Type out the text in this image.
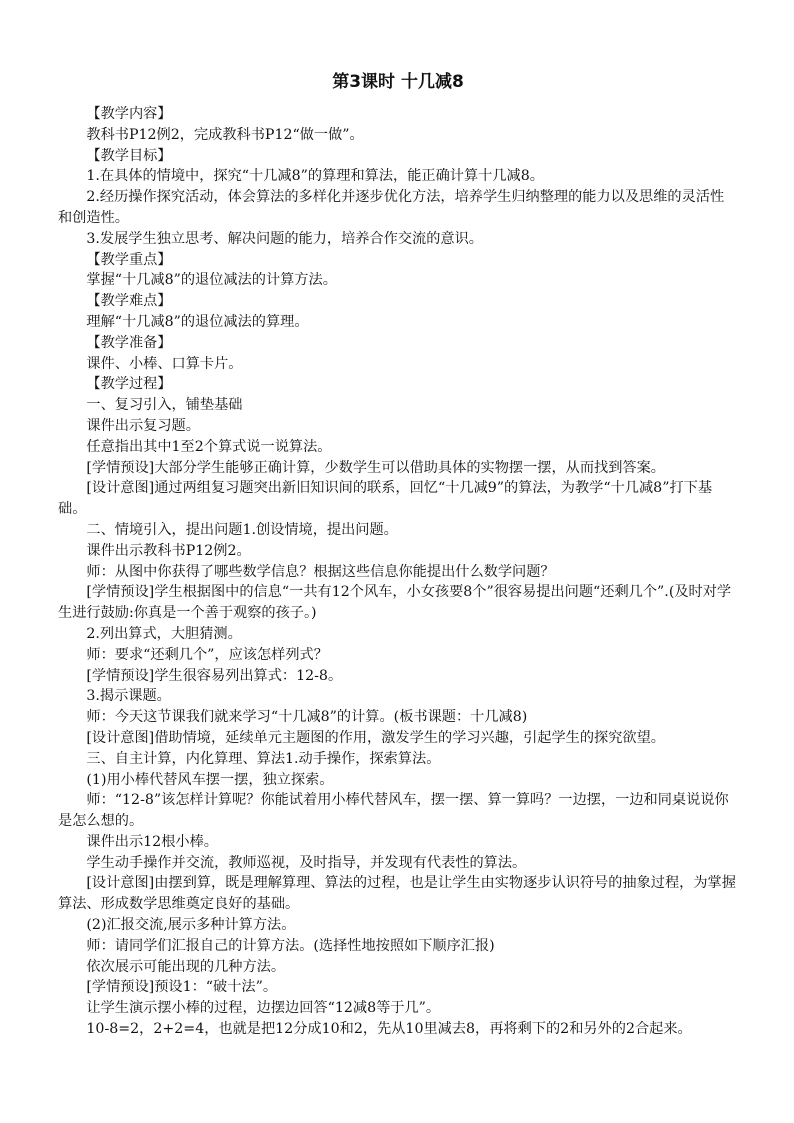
第3课时 十几减8

【教学内容】

教科书P12例2，完成教科书P12“做一做”。

【教学目标】

1.在具体的情境中，探究“十几减8”的算理和算法，能正确计算十几减8。

2.经历操作探究活动，体会算法的多样化并逐步优化方法，培养学生归纳整理的能力以及思维的灵活性和创造性。

3.发展学生独立思考、解决问题的能力，培养合作交流的意识。

【教学重点】

掌握“十几减8”的退位减法的计算方法。

【教学难点】

理解“十几减8”的退位减法的算理。

【教学准备】

课件、小棒、口算卡片。

【教学过程】

一、复习引入，铺垫基础

课件出示复习题。

任意指出其中1至2个算式说一说算法。

[学情预设]大部分学生能够正确计算，少数学生可以借助具体的实物摆一摆，从而找到答案。

[设计意图]通过两组复习题突出新旧知识间的联系，回忆“十几减9”的算法，为教学“十几减8”打下基础。

二、情境引入，提出问题1.创设情境，提出问题。

课件出示教科书P12例2。

师：从图中你获得了哪些数学信息？根据这些信息你能提出什么数学问题？

[学情预设]学生根据图中的信息“一共有12个风车，小女孩要8个”很容易提出问题“还剩几个”.(及时对学生进行鼓励:你真是一个善于观察的孩子。)

2.列出算式，大胆猜测。

师：要求“还剩几个”，应该怎样列式？

[学情预设]学生很容易列出算式：12-8。

3.揭示课题。

师：今天这节课我们就来学习“十几减8”的计算。(板书课题：十几减8)

[设计意图]借助情境，延续单元主题图的作用，激发学生的学习兴趣，引起学生的探究欲望。

三、自主计算，内化算理、算法1.动手操作，探索算法。

(1)用小棒代替风车摆一摆，独立探索。

师：“12-8”该怎样计算呢？你能试着用小棒代替风车，摆一摆、算一算吗？一边摆，一边和同桌说说你是怎么想的。

课件出示12根小棒。

学生动手操作并交流，教师巡视，及时指导，并发现有代表性的算法。

[设计意图]由摆到算，既是理解算理、算法的过程，也是让学生由实物逐步认识符号的抽象过程，为掌握算法、形成数学思维奠定良好的基础。

(2)汇报交流,展示多种计算方法。

师：请同学们汇报自己的计算方法。(选择性地按照如下顺序汇报)

依次展示可能出现的几种方法。

[学情预设]预设1：“破十法”。

让学生演示摆小棒的过程，边摆边回答“12减8等于几”。

10-8=2，2+2=4，也就是把12分成10和2，先从10里减去8，再将剩下的2和另外的2合起来。
